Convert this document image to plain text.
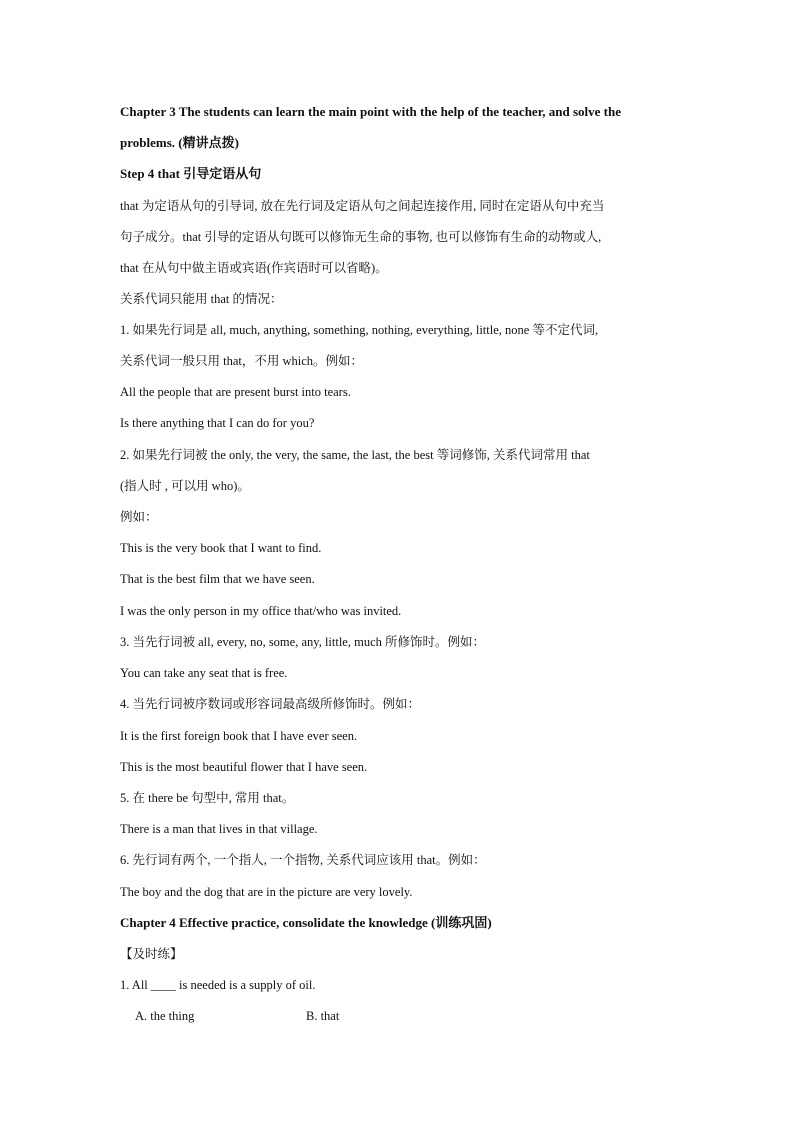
Chapter 3 The students can learn the main point with the help of the teacher, and solve the

problems. (精讲点拨)

Step 4 that 引导定语从句

that 为定语从句的引导词, 放在先行词及定语从句之间起连接作用, 同时在定语从句中充当

句子成分。that 引导的定语从句既可以修饰无生命的事物, 也可以修饰有生命的动物或人,

that 在从句中做主语或宾语(作宾语时可以省略)。

关系代词只能用 that 的情况：

1. 如果先行词是 all, much, anything, something, nothing, everything, little, none 等不定代词,

关系代词一般只用 that，不用 which。例如：

All the people that are present burst into tears.

Is there anything that I can do for you?

2. 如果先行词被 the only, the very, the same, the last, the best 等词修饰, 关系代词常用 that

(指人时 , 可以用 who)。

例如：

This is the very book that I want to find.

That is the best film that we have seen.

I was the only person in my office that/who was invited.

3. 当先行词被 all, every, no, some, any, little, much 所修饰时。例如：

You can take any seat that is free.

4. 当先行词被序数词或形容词最高级所修饰时。例如：

It is the first foreign book that I have ever seen.

This is the most beautiful flower that I have seen.

5. 在 there be 句型中, 常用 that。

There is a man that lives in that village.

6. 先行词有两个, 一个指人, 一个指物, 关系代词应该用 that。例如：

The boy and the dog that are in the picture are very lovely.

Chapter 4 Effective practice, consolidate the knowledge (训练巩固)

【及时练】

1. All ____ is needed is a supply of oil.

A. the thing	B. that
